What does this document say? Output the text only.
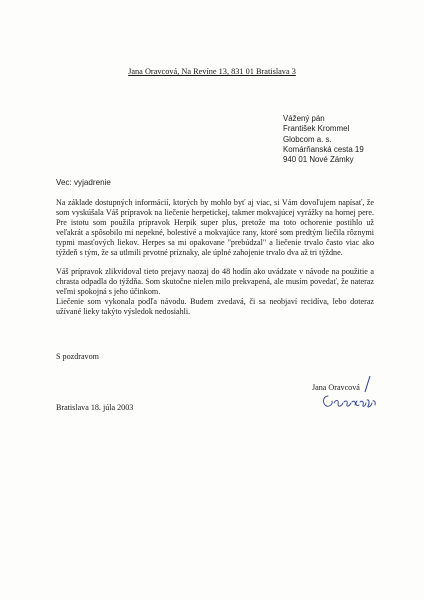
Jana Oravcová, Na Revíne 13, 831 01 Bratislava 3
Vážený pán
František Krommel
Globcom a. s.
Komárňanská cesta 19
940 01 Nové Zámky
Vec: vyjadrenie

Na základe dostupných informácií, ktorých by mohlo byť aj viac, si Vám dovoľujem napísať, že som vyskúšala Váš prípravok na liečenie herpetickej, takmer mokvajúcej vyrážky na hornej pere. Pre istotu som použila prípravok Herpik super plus, pretože ma toto ochorenie postihlo už veľakrát a spôsobilo mi nepekné, bolestivé a mokvajúce rany, ktoré som predtým liečila rôznymi typmi masťových liekov. Herpes sa mi opakovane "prebúdzal" a liečenie trvalo často viac ako týždeň s tým, že sa utlmili prvotné príznaky, ale úplné zahojenie trvalo dva až tri týždne.

Váš prípravok zlikvidoval tieto prejavy naozaj do 48 hodín ako uvádzate v návode na použitie a chrasta odpadla do týždňa. Som skutočne nielen milo prekvapená, ale musím povedať, že nateraz veľmi spokojná s jeho účinkom.

Liečenie som vykonala podľa návodu. Budem zvedavá, či sa neobjaví recidíva, lebo doteraz užívané lieky takýto výsledok nedosiahli.

S pozdravom
Jana Oravcová
Bratislava 18. júla 2003
